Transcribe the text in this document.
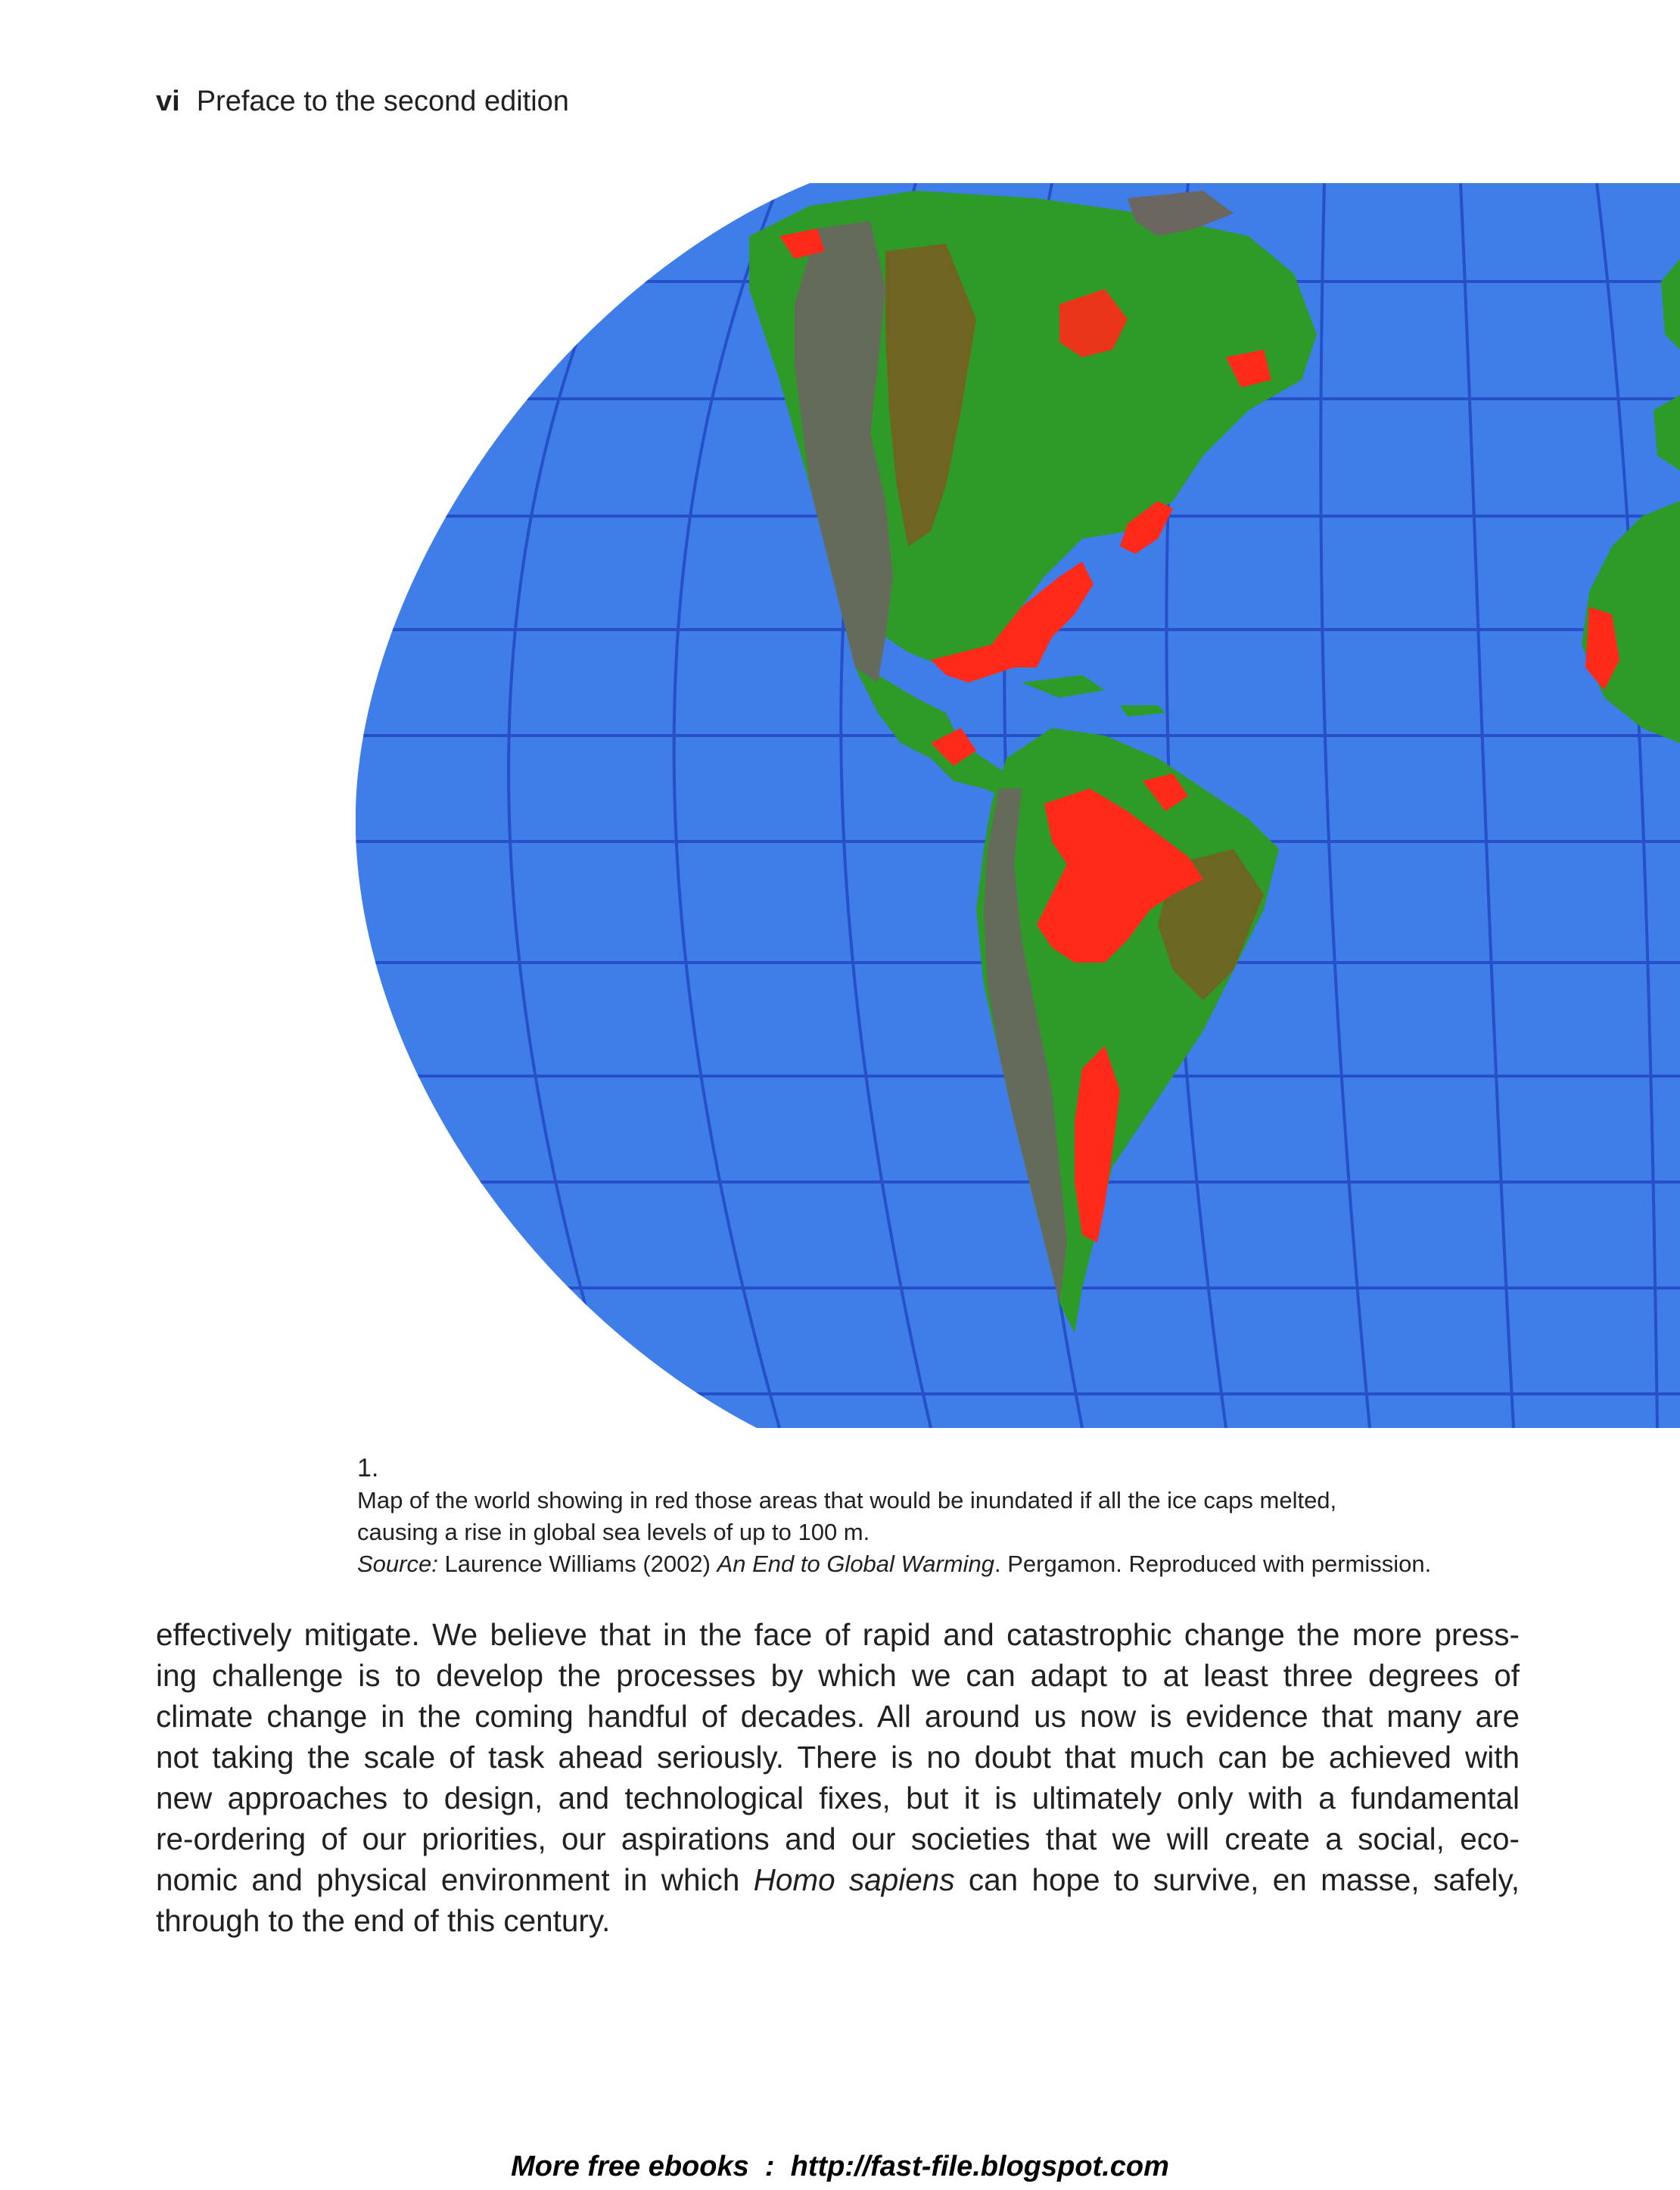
vi Preface to the second edition
1.
Map of the world showing in red those areas that would be inundated if all the ice caps melted,
causing a rise in global sea levels of up to 100 m.
Source: Laurence Williams (2002) An End to Global Warming. Pergamon. Reproduced with permission.
effectively mitigate. We believe that in the face of rapid and catastrophic change the more press-
ing challenge is to develop the processes by which we can adapt to at least three degrees of
climate change in the coming handful of decades. All around us now is evidence that many are
not taking the scale of task ahead seriously. There is no doubt that much can be achieved with
new approaches to design, and technological fixes, but it is ultimately only with a fundamental
re-ordering of our priorities, our aspirations and our societies that we will create a social, eco-
nomic and physical environment in which Homo sapiens can hope to survive, en masse, safely,
through to the end of this century.
More free ebooks  :  http://fast-file.blogspot.com
